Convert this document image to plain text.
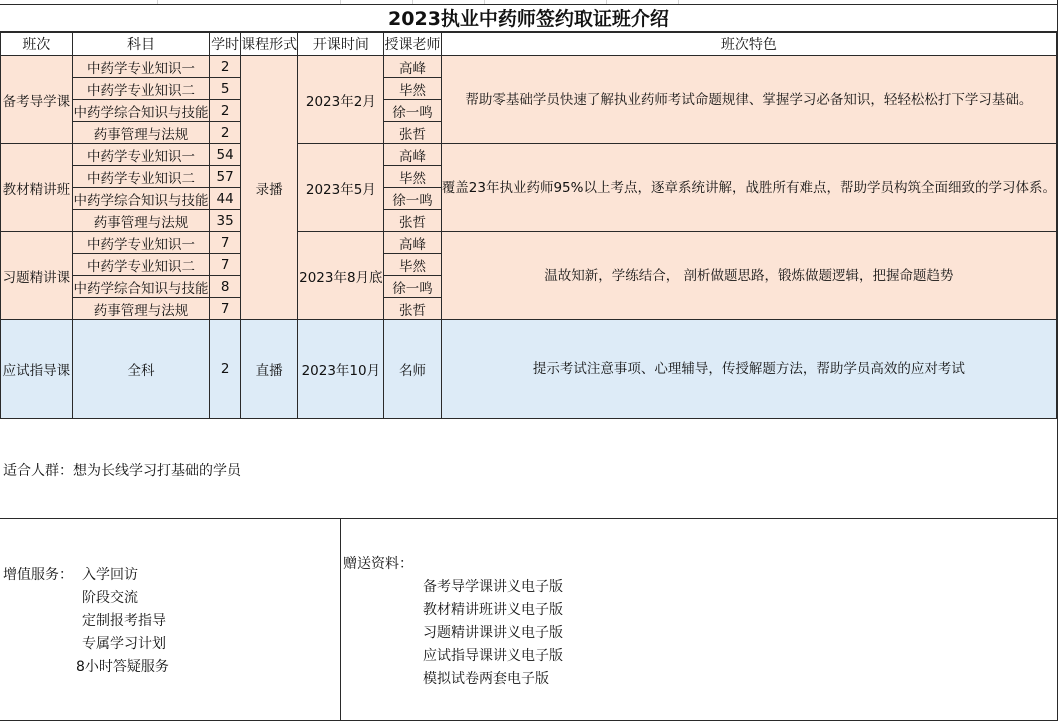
2023执业中药师签约取证班介绍
班次	科目	学时	课程形式	开课时间	授课老师	班次特色
备考导学课	中药学专业知识一	2	录播	2023年2月	高峰	帮助零基础学员快速了解执业药师考试命题规律、掌握学习必备知识，轻轻松松打下学习基础。
	中药学专业知识二	5			毕然	
	中药学综合知识与技能	2			徐一鸣	
	药事管理与法规	2			张哲	
教材精讲班	中药学专业知识一	54		2023年5月	高峰	覆盖23年执业药师95%以上考点，逐章系统讲解，战胜所有难点，帮助学员构筑全面细致的学习体系。
	中药学专业知识二	57			毕然	
	中药学综合知识与技能	44			徐一鸣	
	药事管理与法规	35			张哲	
习题精讲课	中药学专业知识一	7		2023年8月底	高峰	温故知新，学练结合， 剖析做题思路，锻炼做题逻辑，把握命题趋势
	中药学专业知识二	7			毕然	
	中药学综合知识与技能	8			徐一鸣	
	药事管理与法规	7			张哲	
应试指导课	全科	2	直播	2023年10月	名师	提示考试注意事项、心理辅导，传授解题方法，帮助学员高效的应对考试
适合人群：想为长线学习打基础的学员
增值服务： 入学回访
阶段交流
定制报考指导
专属学习计划
8小时答疑服务
赠送资料：
备考导学课讲义电子版
教材精讲班讲义电子版
习题精讲课讲义电子版
应试指导课讲义电子版
模拟试卷两套电子版
